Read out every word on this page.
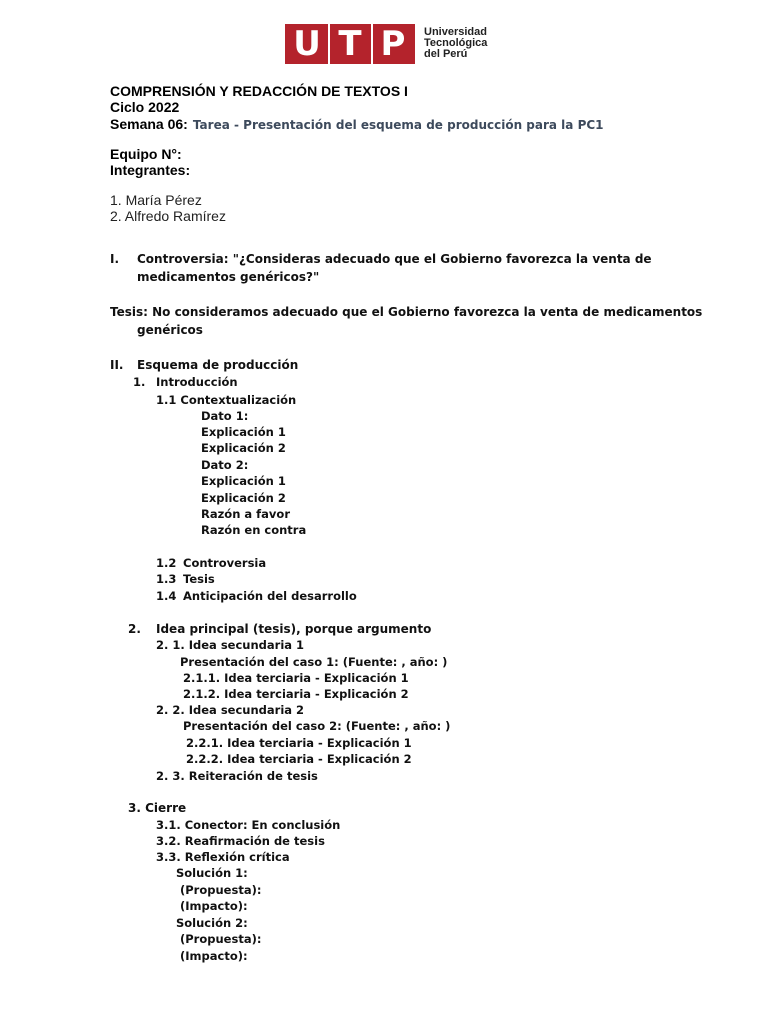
U T P	Universidad
Tecnológica
del Perú
COMPRENSIÓN Y REDACCIÓN DE TEXTOS I
Ciclo 2022
Semana 06: Tarea - Presentación del esquema de producción para la PC1
Equipo N°:
Integrantes:
1. María Pérez
2. Alfredo Ramírez
I. Controversia: "¿Consideras adecuado que el Gobierno favorezca la venta de
medicamentos genéricos?"
Tesis: No consideramos adecuado que el Gobierno favorezca la venta de medicamentos
genéricos
II. Esquema de producción
1. Introducción
1.1 Contextualización
Dato 1:
Explicación 1
Explicación 2
Dato 2:
Explicación 1
Explicación 2
Razón a favor
Razón en contra
1.2 Controversia
1.3 Tesis
1.4 Anticipación del desarrollo
2. Idea principal (tesis), porque argumento
2. 1. Idea secundaria 1
Presentación del caso 1: (Fuente: , año: )
2.1.1. Idea terciaria - Explicación 1
2.1.2. Idea terciaria - Explicación 2
2. 2. Idea secundaria 2
Presentación del caso 2: (Fuente: , año: )
2.2.1. Idea terciaria - Explicación 1
2.2.2. Idea terciaria - Explicación 2
2. 3. Reiteración de tesis
3. Cierre
3.1. Conector: En conclusión
3.2. Reafirmación de tesis
3.3. Reflexión crítica
Solución 1:
(Propuesta):
(Impacto):
Solución 2:
(Propuesta):
(Impacto):
